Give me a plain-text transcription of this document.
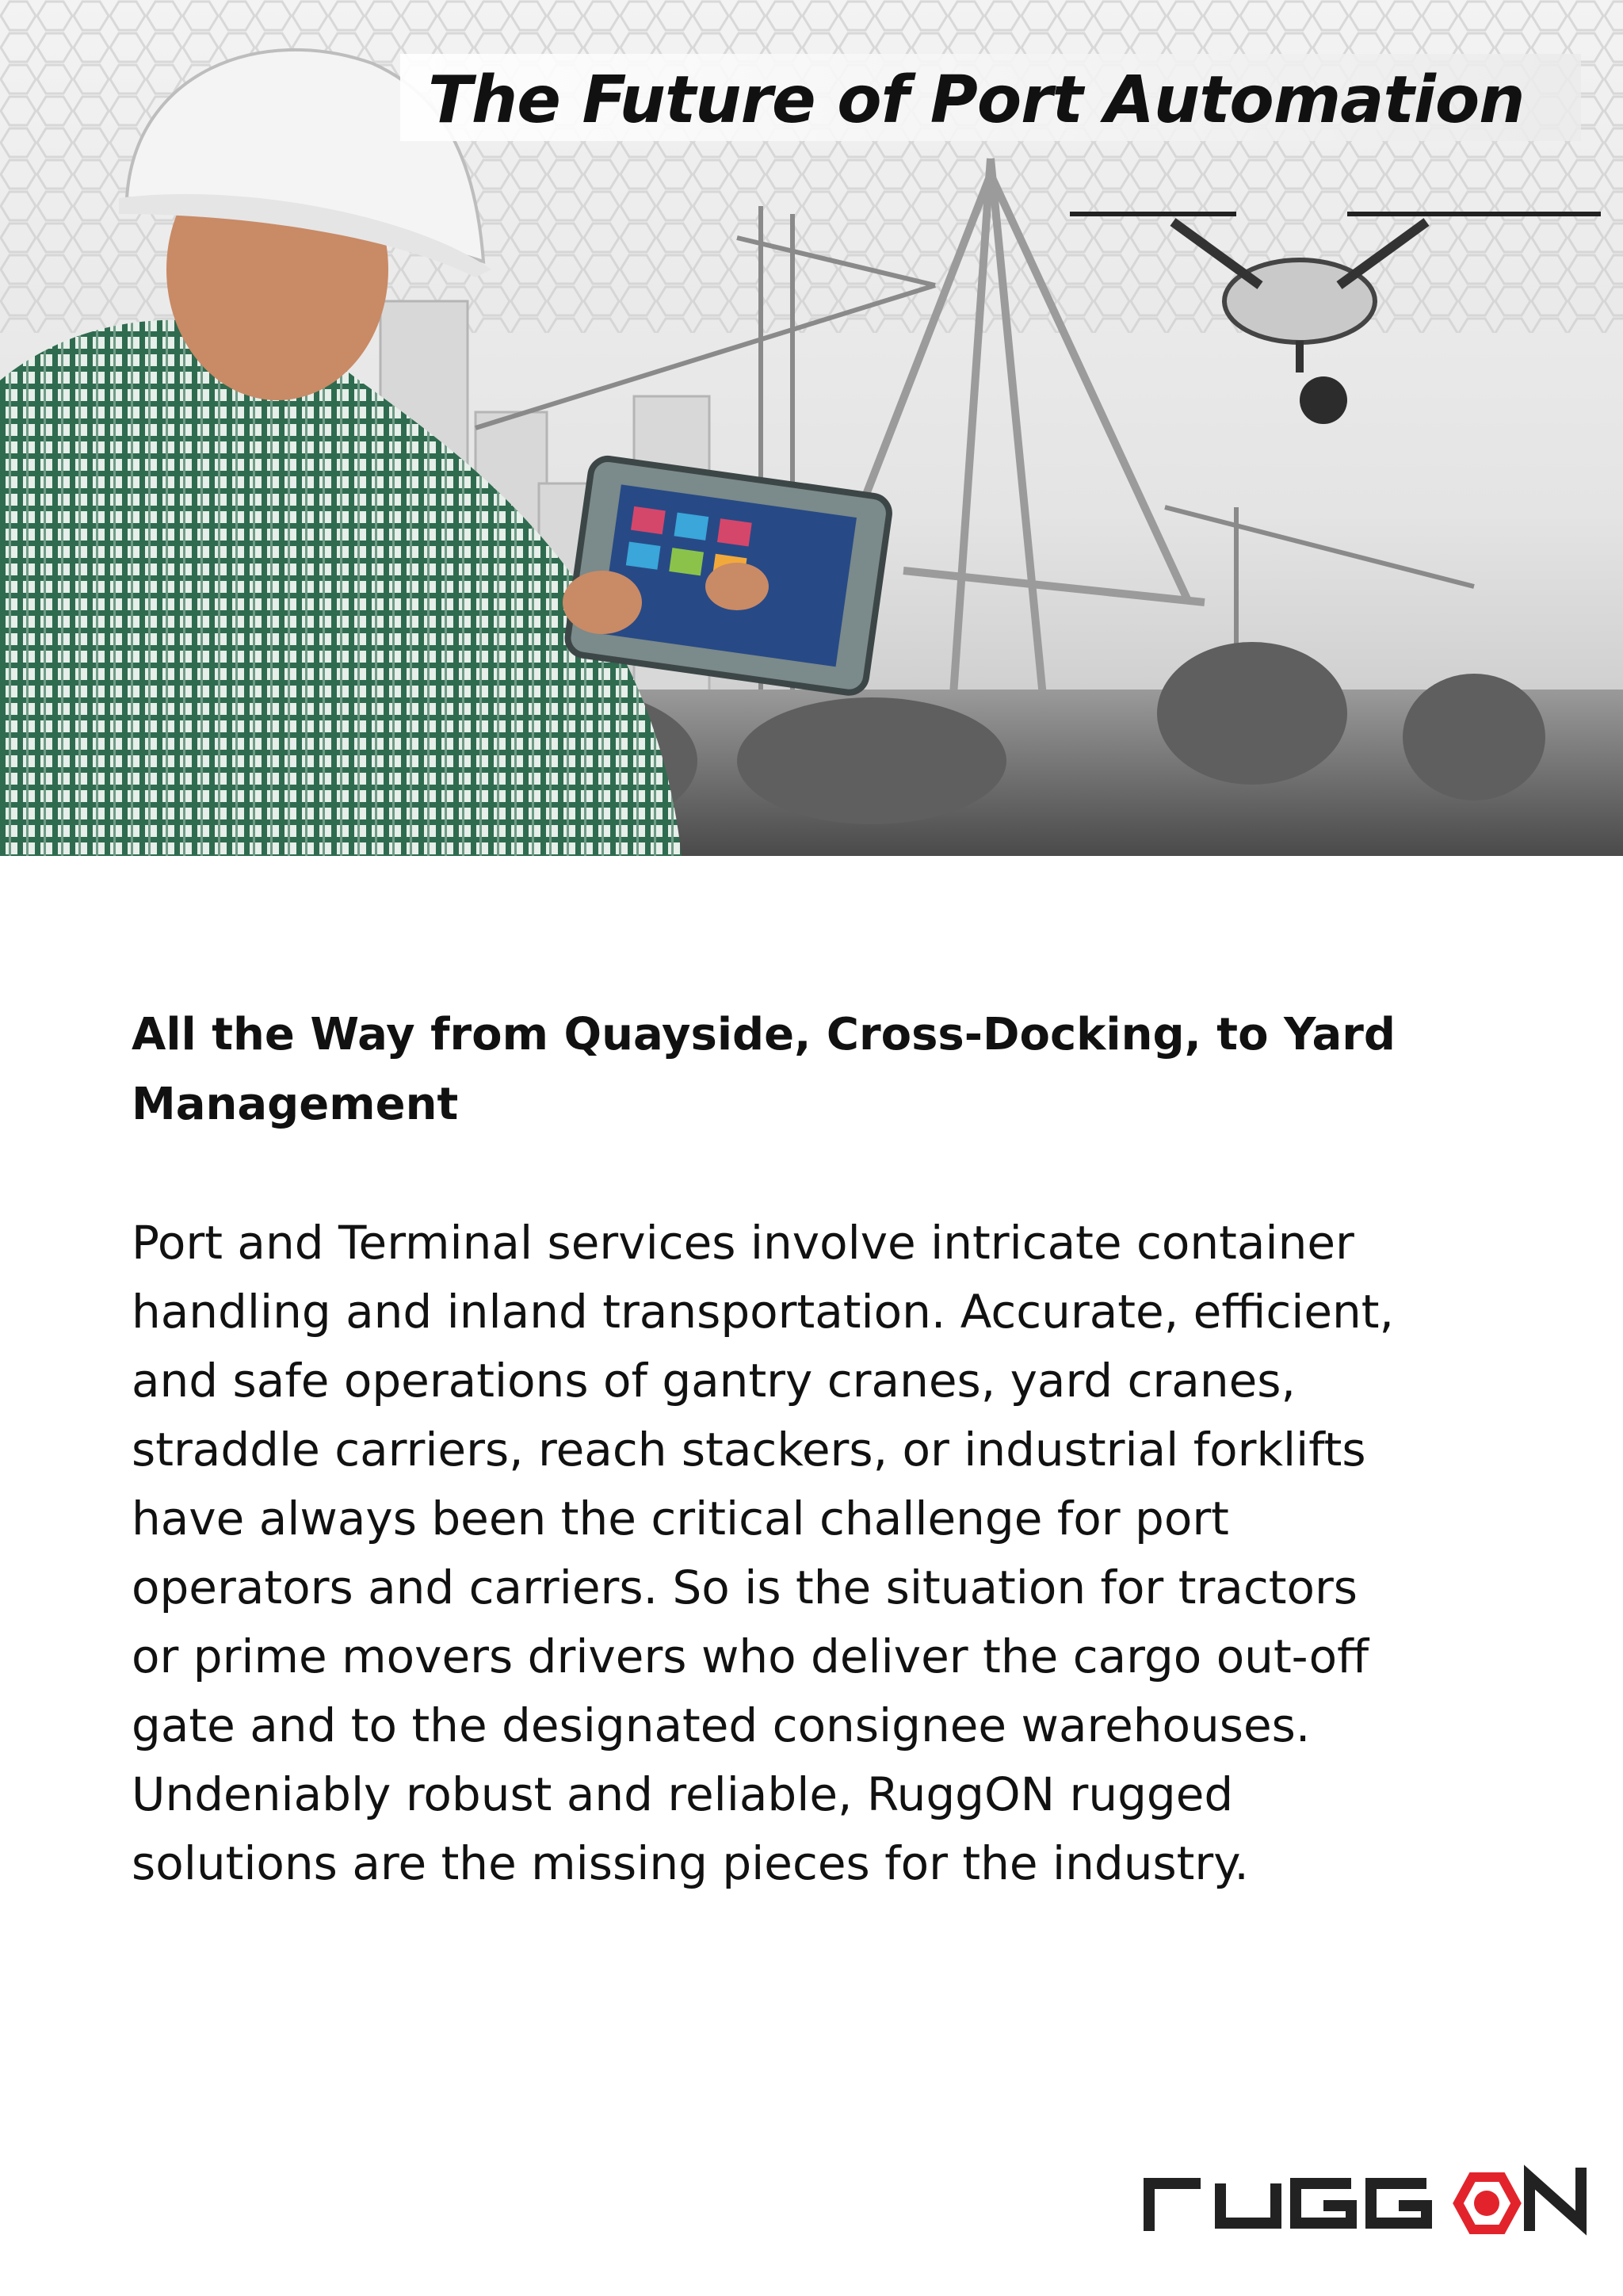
The Future of Port Automation
All the Way from Quayside, Cross-Docking, to Yard Management

Port and Terminal services involve intricate container handling and inland transportation. Accurate, efficient, and safe operations of gantry cranes, yard cranes, straddle carriers, reach stackers, or industrial forklifts have always been the critical challenge for port operators and carriers. So is the situation for tractors or prime movers drivers who deliver the cargo out-off gate and to the designated consignee warehouses. Undeniably robust and reliable, RuggON rugged solutions are the missing pieces for the industry.
